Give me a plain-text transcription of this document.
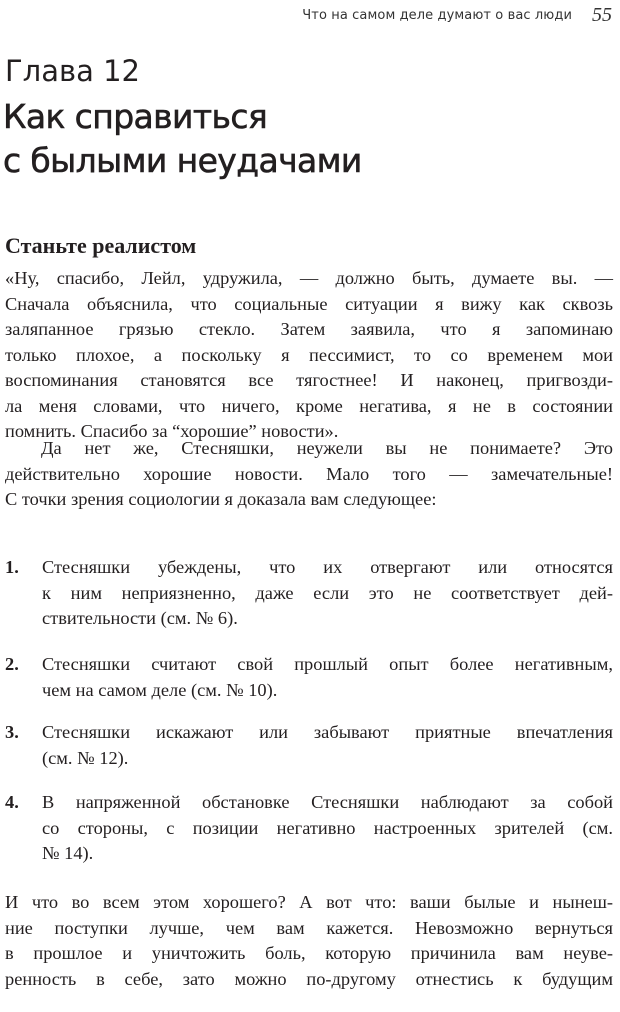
Что на самом деле думают о вас люди 55
Глава 12
Как справиться
с былыми неудачами
Станьте реалистом
«Ну, спасибо, Лейл, удружила, — должно быть, думаете вы. —
Сначала объяснила, что социальные ситуации я вижу как сквозь
заляпанное грязью стекло. Затем заявила, что я запоминаю
только плохое, а поскольку я пессимист, то со временем мои
воспоминания становятся все тягостнее! И наконец, пригвозди-
ла меня словами, что ничего, кроме негатива, я не в состоянии
помнить. Спасибо за “хорошие” новости».
Да нет же, Стесняшки, неужели вы не понимаете? Это
действительно хорошие новости. Мало того — замечательные!
С точки зрения социологии я доказала вам следующее:
1. Стесняшки убеждены, что их отвергают или относятся
к ним неприязненно, даже если это не соответствует дей-
ствительности (см. № 6).
2. Стесняшки считают свой прошлый опыт более негативным,
чем на самом деле (см. № 10).
3. Стесняшки искажают или забывают приятные впечатления
(см. № 12).
4. В напряженной обстановке Стесняшки наблюдают за собой
со стороны, с позиции негативно настроенных зрителей (см.
№ 14).
И что во всем этом хорошего? А вот что: ваши былые и нынеш-
ние поступки лучше, чем вам кажется. Невозможно вернуться
в прошлое и уничтожить боль, которую причинила вам неуве-
ренность в себе, зато можно по-другому отнестись к будущим
